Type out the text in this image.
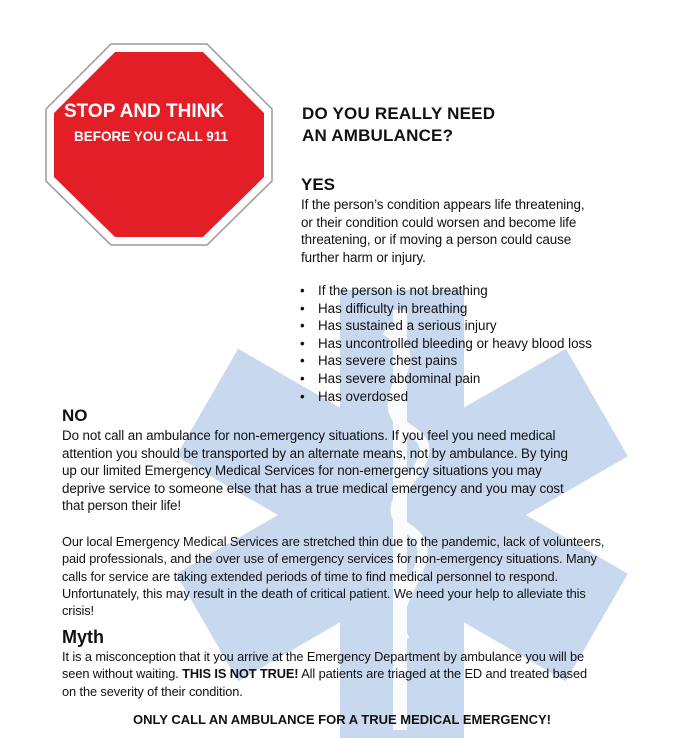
STOP AND THINK
BEFORE YOU CALL 911
DO YOU REALLY NEED
AN AMBULANCE?
YES
If the person’s condition appears life threatening,
or their condition could worsen and become life
threatening, or if moving a person could cause
further harm or injury.
• If the person is not breathing
• Has difficulty in breathing
• Has sustained a serious injury
• Has uncontrolled bleeding or heavy blood loss
• Has severe chest pains
• Has severe abdominal pain
• Has overdosed
NO
Do not call an ambulance for non-emergency situations. If you feel you need medical
attention you should be transported by an alternate means, not by ambulance. By tying
up our limited Emergency Medical Services for non-emergency situations you may
deprive service to someone else that has a true medical emergency and you may cost
that person their life!
Our local Emergency Medical Services are stretched thin due to the pandemic, lack of volunteers,
paid professionals, and the over use of emergency services for non-emergency situations. Many
calls for service are taking extended periods of time to find medical personnel to respond.
Unfortunately, this may result in the death of critical patient. We need your help to alleviate this
crisis!
Myth
It is a misconception that it you arrive at the Emergency Department by ambulance you will be
seen without waiting. THIS IS NOT TRUE! All patients are triaged at the ED and treated based
on the severity of their condition.
ONLY CALL AN AMBULANCE FOR A TRUE MEDICAL EMERGENCY!
